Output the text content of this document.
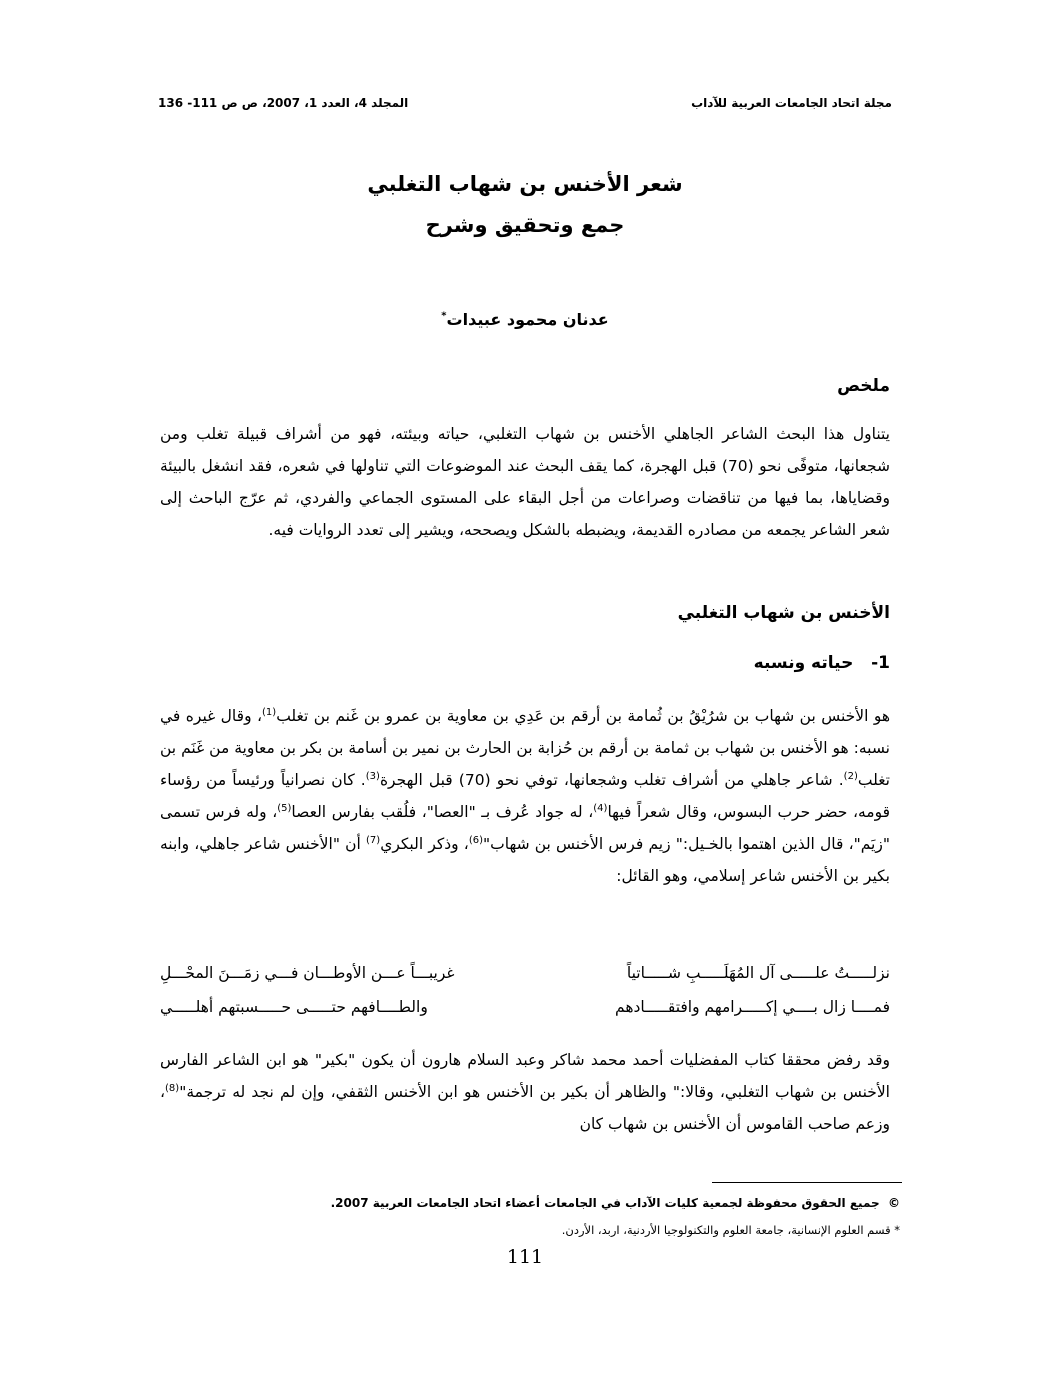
مجلة اتحاد الجامعات العربية للآداب
المجلد 4، العدد 1، 2007، ص ص 111- 136
شعر الأخنس بن شهاب التغلبي
جمع وتحقيق وشرح
عدنان محمود عبيدات*
ملخص
يتناول هذا البحث الشاعر الجاهلي الأخنس بن شهاب التغلبي، حياته وبيئته، فهو من أشراف قبيلة تغلب ومن شجعانها، متوفًى نحو (70) قبل الهجرة، كما يقف البحث عند الموضوعات التي تناولها في شعره، فقد انشغل بالبيئة وقضاياها، بما فيها من تناقضات وصراعات من أجل البقاء على المستوى الجماعي والفردي، ثم عرّج الباحث إلى شعر الشاعر يجمعه من مصادره القديمة، ويضبطه بالشكل ويصححه، ويشير إلى تعدد الروايات فيه.
الأخنس بن شهاب التغلبي
1-   حياته ونسبه
هو الأخنس بن شهاب بن شرُيْقُ بن ثُمامة بن أرقم بن عَدِي بن معاوية بن عمرو بن غَنم بن تغلب$^{(1)}$، وقال غيره في نسبه: هو الأخنس بن شهاب بن ثمامة بن أرقم بن حُزابة بن الحارث بن نمير بن أسامة بن بكر بن معاوية من غَنَم بن تغلب$^{(2)}$. شاعر جاهلي من أشراف تغلب وشجعانها، توفي نحو (70) قبل الهجرة$^{(3)}$. كان نصرانياً ورئيساً من رؤساء قومه، حضر حرب البسوس، وقال شعراً فيها$^{(4)}$، له جواد عُرف بـ "العصا"، فلُقب بفارس العصا$^{(5)}$، وله فرس تسمى "زيَم"، قال الذين اهتموا بالخـيل:" زيم فرس الأخنس بن شهاب"$^{(6)}$، وذكر البكري$^{(7)}$ أن "الأخنس شاعر جاهلي، وابنه بكير بن الأخنس شاعر إسلامي، وهو القائل:
نزلـــــتُ علـــــى آل المُهَلَـــــبِ شـــــاتياً
غريبـــاً عـــن الأوطـــان فـــي زمَـــنَ المحْـــلِ
فمــــا زال بــــي إكـــــرامهم وافتقـــــادهم
والطــــافهم حتـــــى حـــــسبتهم أهلـــــي
وقد رفض محققا كتاب المفضليات أحمد محمد شاكر وعبد السلام هارون أن يكون "بكير" هو ابن الشاعر الفارس الأخنس بن شهاب التغلبي، وقالا:" والظاهر أن بكير بن الأخنس هو ابن الأخنس الثقفي، وإن لم نجد له ترجمة"$^{(8)}$، وزعم صاحب القاموس أن الأخنس بن شهاب كان
©  جميع الحقوق محفوظة لجمعية كليات الآداب في الجامعات أعضاء اتحاد الجامعات العربية 2007.
* قسم العلوم الإنسانية، جامعة العلوم والتكنولوجيا الأردنية، اربد، الأردن.
111
